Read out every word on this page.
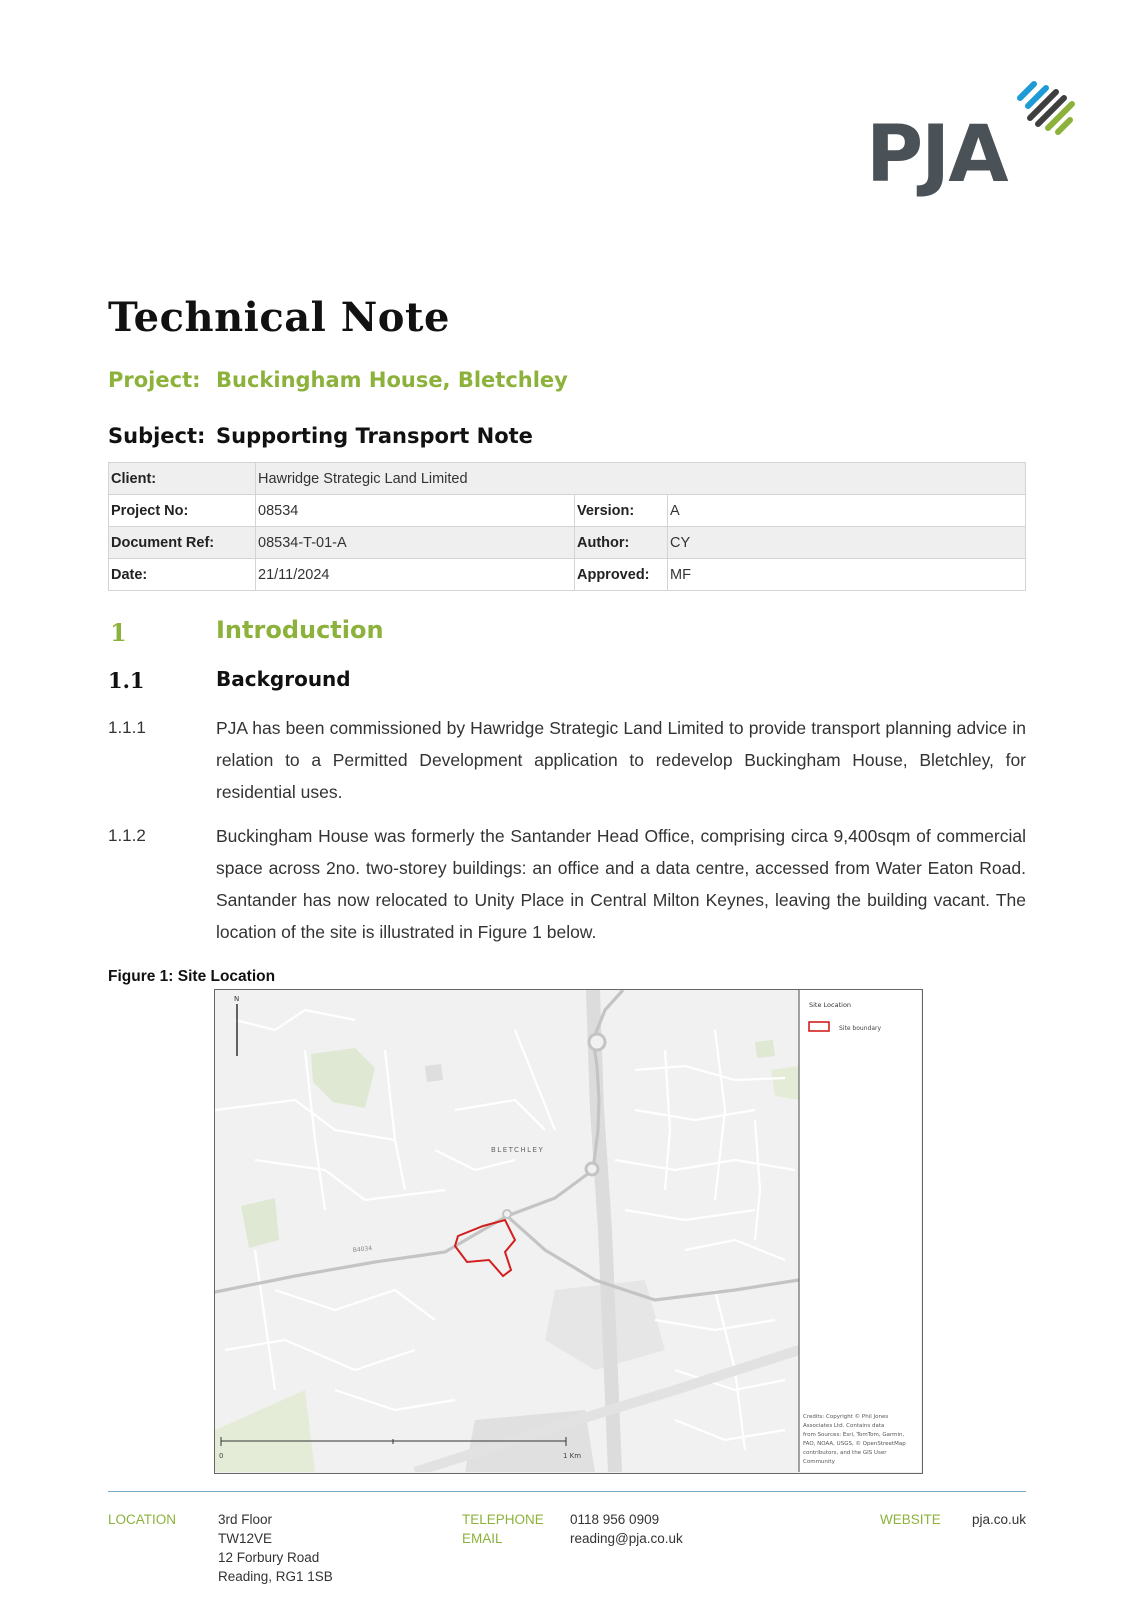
PJA
Technical Note
Project: Buckingham House, Bletchley
Subject: Supporting Transport Note
Client:	Hawridge Strategic Land Limited		
Project No:	08534	Version:	A
Document Ref:	08534-T-01-A	Author:	CY
Date:	21/11/2024	Approved:	MF
1	Introduction
1.1	Background
1.1.1	PJA has been commissioned by Hawridge Strategic Land Limited to provide transport planning advice in relation to a Permitted Development application to redevelop Buckingham House, Bletchley, for residential uses.
1.1.2	Buckingham House was formerly the Santander Head Office, comprising circa 9,400sqm of commercial space across 2no. two-storey buildings: an office and a data centre, accessed from Water Eaton Road. Santander has now relocated to Unity Place in Central Milton Keynes, leaving the building vacant. The location of the site is illustrated in Figure 1 below.
Figure 1: Site Location
BLETCHLEY
B4034
N
0	1 Km
Site Location
Site boundary
Credits: Copyright © Phil Jones
Associates Ltd. Contains data
from Sources: Esri, TomTom, Garmin,
FAO, NOAA, USGS, © OpenStreetMap
contributors, and the GIS User
Community
LOCATION	3rd Floor
TW12VE
12 Forbury Road
Reading, RG1 1SB
TELEPHONE
EMAIL
0118 956 0909
reading@pja.co.uk
WEBSITE pja.co.uk
